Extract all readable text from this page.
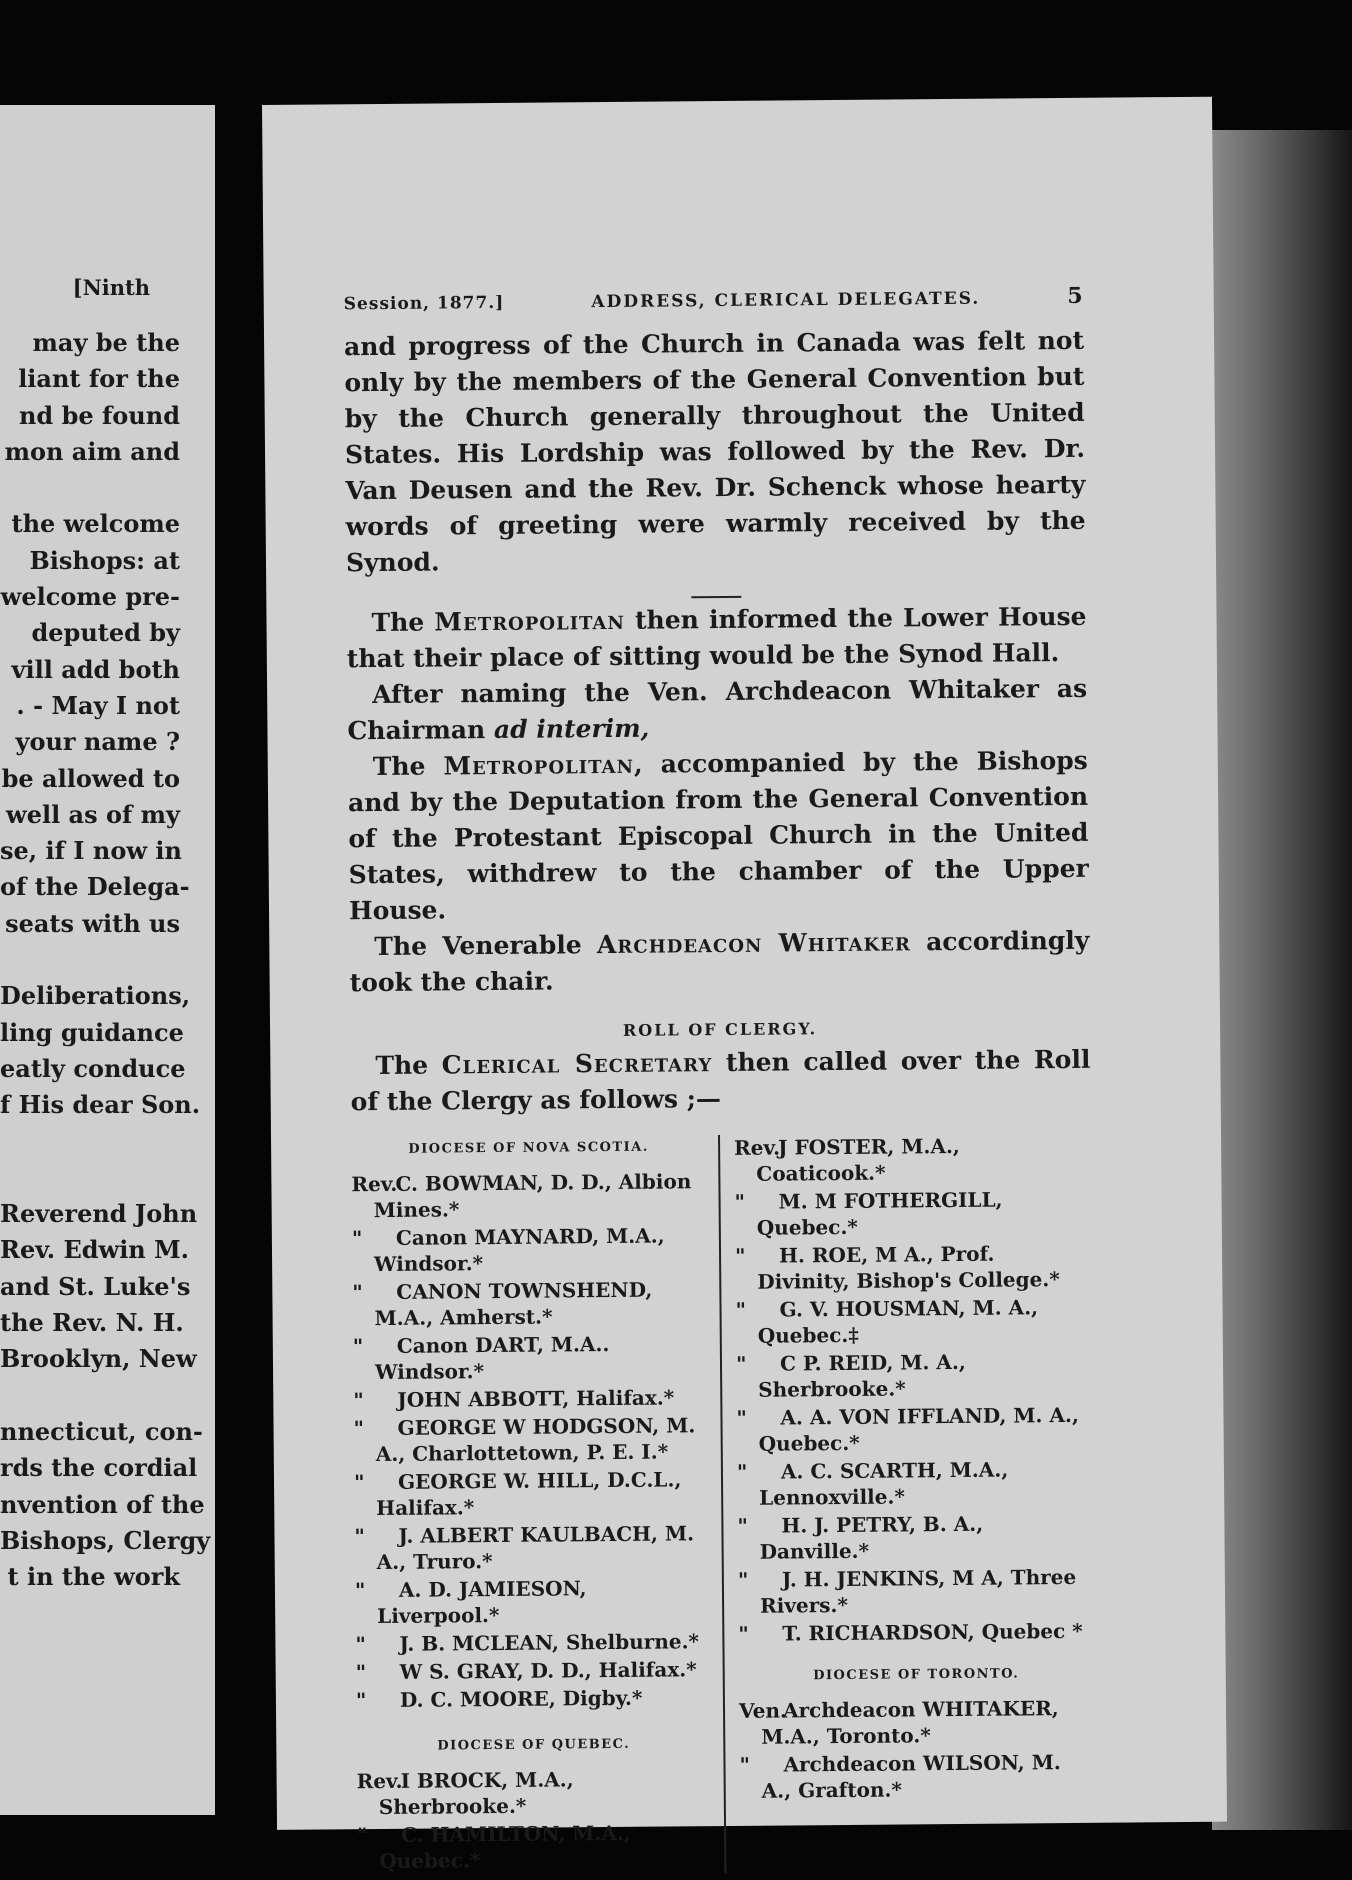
[Ninth
may be the
liant for the
nd be found
mon aim and
the welcome
Bishops: at
welcome pre-
deputed by
vill add both
. - May I not
your name ?
be allowed to
well as of my
se, if I now in
of the Delega-
seats with us
Deliberations,
ling guidance
eatly conduce
f His dear Son.
Reverend John
Rev. Edwin M.
and St. Luke's
the Rev. N. H.
Brooklyn, New
nnecticut, con-
rds the cordial
nvention of the
Bishops, Clergy
t in the work
Session, 1877.]	ADDRESS, CLERICAL DELEGATES.	5

and progress of the Church in Canada was felt not only by the members of the General Convention but by the Church generally throughout the United States. His Lordship was followed by the Rev. Dr. Van Deusen and the Rev. Dr. Schenck whose hearty words of greeting were warmly received by the Synod.

The Metropolitan then informed the Lower House that their place of sitting would be the Synod Hall.

After naming the Ven. Archdeacon Whitaker as Chairman ad interim,

The Metropolitan, accompanied by the Bishops and by the Deputation from the General Convention of the Protestant Episcopal Church in the United States, withdrew to the chamber of the Upper House.

The Venerable Archdeacon Whitaker accordingly took the chair.

ROLL OF CLERGY.

The Clerical Secretary then called over the Roll of the Clergy as follows ;—

DIOCESE OF NOVA SCOTIA.
Rev.C. BOWMAN, D. D., Albion Mines.*
" Canon MAYNARD, M.A., Windsor.*
" CANON TOWNSHEND, M.A., Amherst.*
" Canon DART, M.A.. Windsor.*
" JOHN ABBOTT, Halifax.*
" GEORGE W HODGSON, M. A., Charlottetown, P. E. I.*
" GEORGE W. HILL, D.C.L., Halifax.*
" J. ALBERT KAULBACH, M. A., Truro.*
" A. D. JAMIESON, Liverpool.*
" J. B. MCLEAN, Shelburne.*
" W S. GRAY, D. D., Halifax.*
" D. C. MOORE, Digby.*
DIOCESE OF QUEBEC.
Rev.I BROCK, M.A., Sherbrooke.*
" C. HAMILTON, M.A., Quebec.*
Rev.J FOSTER, M.A., Coaticook.*
" M. M FOTHERGILL, Quebec.*
" H. ROE, M A., Prof. Divinity, Bishop's College.*
" G. V. HOUSMAN, M. A., Quebec.‡
" C P. REID, M. A., Sherbrooke.*
" A. A. VON IFFLAND, M. A., Quebec.*
" A. C. SCARTH, M.A., Lennoxville.*
" H. J. PETRY, B. A., Danville.*
" J. H. JENKINS, M A, Three Rivers.*
" T. RICHARDSON, Quebec *
DIOCESE OF TORONTO.
Ven.Archdeacon WHITAKER, M.A., Toronto.*
" Archdeacon WILSON, M. A., Grafton.*
